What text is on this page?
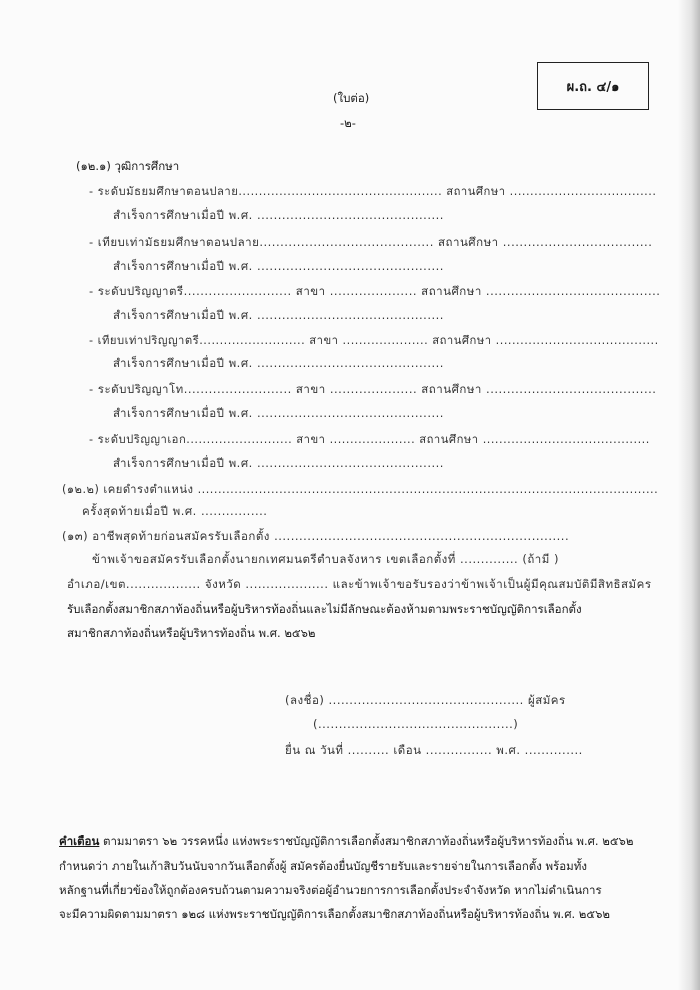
ผ.ถ. ๔/๑
(ใบต่อ)
-๒-
(๑๒.๑) วุฒิการศึกษา
- ระดับมัธยมศึกษาตอนปลาย.................................................. สถานศึกษา ....................................
สำเร็จการศึกษาเมื่อปี พ.ศ. .............................................
- เทียบเท่ามัธยมศึกษาตอนปลาย.......................................... สถานศึกษา ....................................
สำเร็จการศึกษาเมื่อปี พ.ศ. .............................................
- ระดับปริญญาตรี.......................... สาขา ..................... สถานศึกษา ..........................................
สำเร็จการศึกษาเมื่อปี พ.ศ. .............................................
- เทียบเท่าปริญญาตรี.......................... สาขา ..................... สถานศึกษา ........................................
สำเร็จการศึกษาเมื่อปี พ.ศ. .............................................
- ระดับปริญญาโท.......................... สาขา ..................... สถานศึกษา .........................................
สำเร็จการศึกษาเมื่อปี พ.ศ. .............................................
- ระดับปริญญาเอก.......................... สาขา ..................... สถานศึกษา .........................................
สำเร็จการศึกษาเมื่อปี พ.ศ. .............................................
(๑๒.๒) เคยดำรงตำแหน่ง .................................................................................................................
ครั้งสุดท้ายเมื่อปี พ.ศ. ................
(๑๓) อาชีพสุดท้ายก่อนสมัครรับเลือกตั้ง .......................................................................
ข้าพเจ้าขอสมัครรับเลือกตั้งนายกเทศมนตรีตำบลจังหาร เขตเลือกตั้งที่ .............. (ถ้ามี )
อำเภอ/เขต.................. จังหวัด .................... และข้าพเจ้าขอรับรองว่าข้าพเจ้าเป็นผู้มีคุณสมบัติมีสิทธิสมัคร
รับเลือกตั้งสมาชิกสภาท้องถิ่นหรือผู้บริหารท้องถิ่นและไม่มีลักษณะต้องห้ามตามพระราชบัญญัติการเลือกตั้ง
สมาชิกสภาท้องถิ่นหรือผู้บริหารท้องถิ่น พ.ศ. ๒๕๖๒
(ลงชื่อ) ............................................... ผู้สมัคร
(...............................................)
ยื่น ณ วันที่ .......... เดือน ................ พ.ศ. ..............
คำเตือน ตามมาตรา ๖๒ วรรคหนึ่ง แห่งพระราชบัญญัติการเลือกตั้งสมาชิกสภาท้องถิ่นหรือผู้บริหารท้องถิ่น พ.ศ. ๒๕๖๒
กำหนดว่า ภายในเก้าสิบวันนับจากวันเลือกตั้งผู้ สมัครต้องยื่นบัญชีรายรับและรายจ่ายในการเลือกตั้ง พร้อมทั้ง
หลักฐานที่เกี่ยวข้องให้ถูกต้องครบถ้วนตามความจริงต่อผู้อำนวยการการเลือกตั้งประจำจังหวัด หากไม่ดำเนินการ
จะมีความผิดตามมาตรา ๑๒๘ แห่งพระราชบัญญัติการเลือกตั้งสมาชิกสภาท้องถิ่นหรือผู้บริหารท้องถิ่น พ.ศ. ๒๕๖๒
